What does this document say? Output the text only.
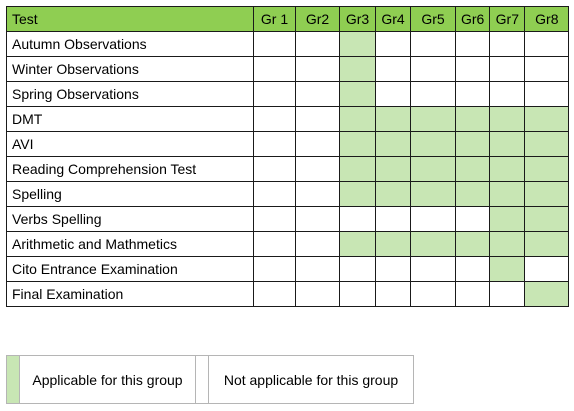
Test	Gr 1	Gr2	Gr3	Gr4	Gr5	Gr6	Gr7	Gr8
Autumn Observations								
Winter Observations								
Spring Observations								
DMT								
AVI								
Reading Comprehension Test								
Spelling								
Verbs Spelling								
Arithmetic and Mathmetics								
Cito Entrance Examination								
Final Examination								
Applicable for this group	Not applicable for this group
